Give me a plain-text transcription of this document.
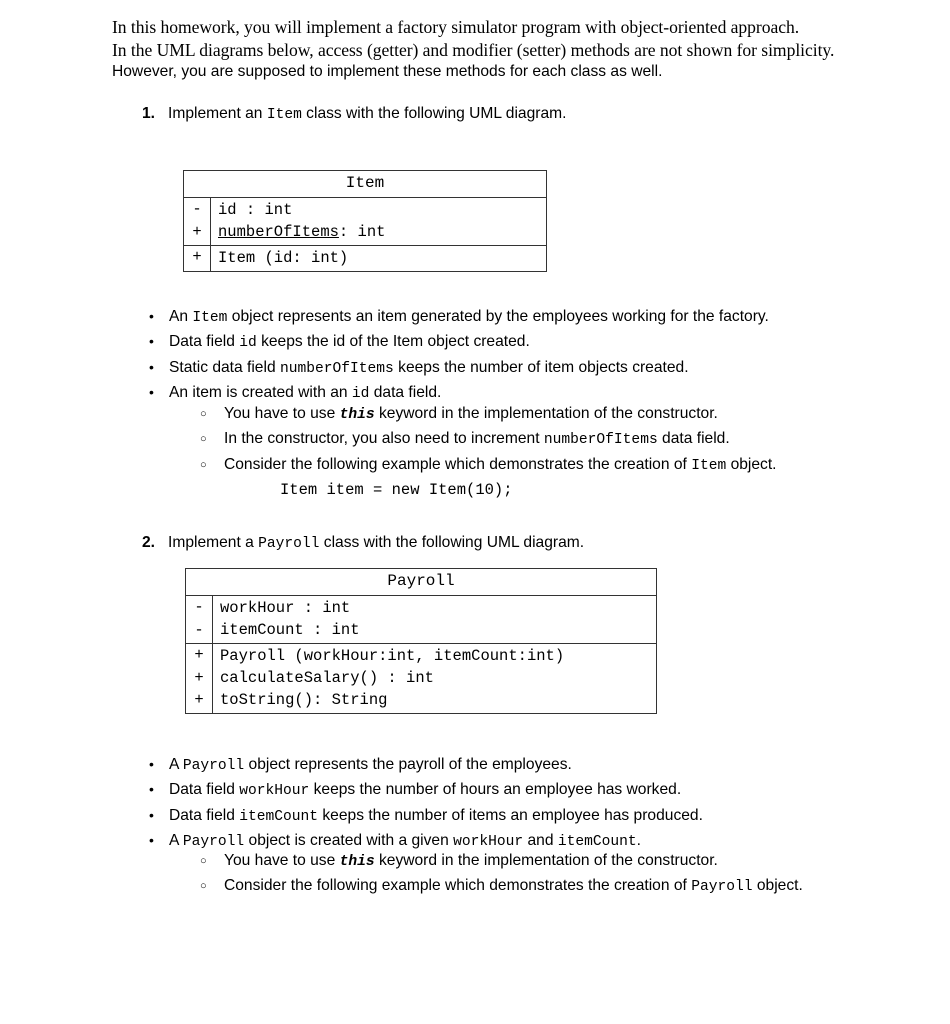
In this homework, you will implement a factory simulator program with object-oriented approach.
In the UML diagrams below, access (getter) and modifier (setter) methods are not shown for simplicity.
However, you are supposed to implement these methods for each class as well.
1. Implement an Item class with the following UML diagram.
Item
-	id : int
+	numberOfItems: int
+	Item (id: int)
• An Item object represents an item generated by the employees working for the factory.
• Data field id keeps the id of the Item object created.
• Static data field numberOfItems keeps the number of item objects created.
• An item is created with an id data field.
○ You have to use this keyword in the implementation of the constructor.
○ In the constructor, you also need to increment numberOfItems data field.
○ Consider the following example which demonstrates the creation of Item object.
Item item = new Item(10);
2. Implement a Payroll class with the following UML diagram.
Payroll
-	workHour : int
-	itemCount : int
+	Payroll (workHour:int, itemCount:int)
+	calculateSalary() : int
+	toString(): String
• A Payroll object represents the payroll of the employees.
• Data field workHour keeps the number of hours an employee has worked.
• Data field itemCount keeps the number of items an employee has produced.
• A Payroll object is created with a given workHour and itemCount.
○ You have to use this keyword in the implementation of the constructor.
○ Consider the following example which demonstrates the creation of Payroll object.
